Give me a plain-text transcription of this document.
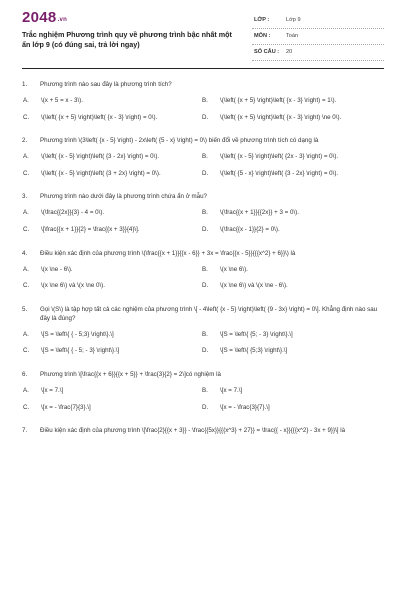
2048.vn
Trắc nghiệm Phương trình quy về phương trình bậc nhất một ẩn lớp 9 (có đúng sai, trả lời ngay)
LỚP :	Lớp 9
MÔN :	Toán
SỐ CÂU : 20
1.	Phương trình nào sau đây là phương trình tích?
A.	\(x + 5 = x - 3\).	B.	\(\left( {x + 5} \right)\left( {x - 3} \right) = 1\).
C.	\(\left( {x + 5} \right)\left( {x - 3} \right) = 0\).	D.	\(\left( {x + 5} \right)\left( {x - 3} \right) \ne 0\).
2.	Phương trình \(3\left( {x - 5} \right) - 2x\left( {5 - x} \right) = 0\) biến đổi về phương trình tích có dạng là
A.	\(\left( {x - 5} \right)\left( {3 - 2x} \right) = 0\).	B.	\(\left( {x - 5} \right)\left( {2x - 3} \right) = 0\).
C.	\(\left( {x - 5} \right)\left( {3 + 2x} \right) = 0\).	D.	\(\left( {5 - x} \right)\left( {3 - 2x} \right) = 0\).
3.	Phương trình nào dưới đây là phương trình chứa ẩn ở mẫu?
A.	\(\frac{{2x}}{3} - 4 = 0\).	B.	\(\frac{{x + 1}}{{2x}} + 3 = 0\).
C.	\[\frac{{x + 1}}{2} = \frac{{x + 3}}{4}\].	D.	\(\frac{{x - 1}}{2} = 0\).
4.	Điều kiện xác định của phương trình \(\frac{{x + 1}}{{x - 6}} + 3x = \frac{{x - 5}}{{{x^2} + 6}}\) là
A.	\(x \ne - 6\).	B.	\(x \ne 6\).
C.	\(x \ne 6\) và \(x \ne 0\).	D.	\(x \ne 6\) và \(x \ne - 6\).
5.	Gọi \(S\) là tập hợp tất cả các nghiệm của phương trình \[ - 4\left( {x - 5} \right)\left( {9 - 3x} \right) = 0\]. Khẳng định nào sau đây là đúng?
A.	\[S = \left\{ { - 5;3} \right\}.\]	B.	\[S = \left\{ {5; - 3} \right\}.\]
C.	\[S = \left\{ { - 5; - 3} \right\}.\]	D.	\[S = \left\{ {5;3} \right\}.\]
6.	Phương trình \[\frac{{x + 6}}{{x + 5}} + \frac{3}{2} = 2\]có nghiệm là
A.	\[x = 7.\]	B.	\[x = 7.\]
C.	\[x = - \frac{7}{3}.\]	D.	\[x = - \frac{3}{7}.\]
7.	Điều kiện xác định của phương trình \[\frac{2}{{x + 3}} - \frac{{5x}}{{{x^3} + 27}} = \frac{{ - x}}{{{x^2} - 3x + 9}}\] là
